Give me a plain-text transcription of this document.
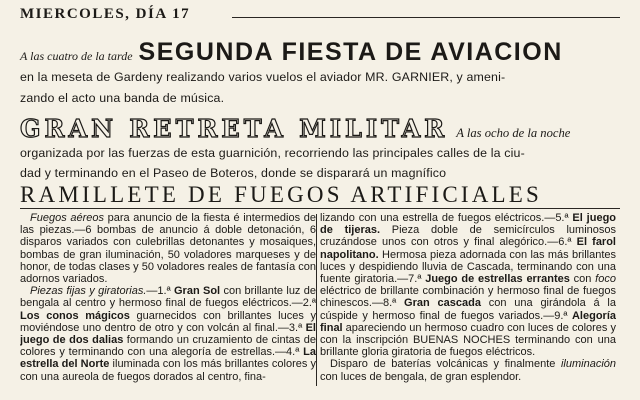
MIERCOLES, DÍA 17
A las cuatro de la tarde SEGUNDA FIESTA DE AVIACION
en la meseta de Gardeny realizando varios vuelos el aviador MR. GARNIER, y ameni-
zando el acto una banda de música.
GRAN RETRETA MILITAR A las ocho de la noche
organizada por las fuerzas de esta guarnición, recorriendo las principales calles de la ciu-
dad y terminando en el Paseo de Boteros, donde se disparará un magnífico
RAMILLETE DE FUEGOS ARTIFICIALES

Fuegos aéreos para anuncio de la fiesta é intermedios de las piezas.—6 bombas de anuncio á doble detonación, 6 disparos variados con culebrillas detonantes y mosaiques, bombas de gran iluminación, 50 voladores marqueses y de honor, de todas clases y 50 voladores reales de fantasía con adornos variados.

Piezas fijas y giratorias.—1.ª Gran Sol con brillante luz de bengala al centro y hermoso final de fuegos eléctricos.—2.ª Los conos mágicos guarnecidos con brillantes luces y moviéndose uno dentro de otro y con volcán al final.—3.ª El juego de dos dalias formando un cruzamiento de cintas de colores y terminando con una alegoría de estrellas.—4.ª La estrella del Norte iluminada con los más brillantes colores y con una aureola de fuegos dorados al centro, fina-

lizando con una estrella de fuegos eléctricos.—5.ª El juego de tijeras. Pieza doble de semicírculos luminosos cruzándose unos con otros y final alegórico.—6.ª El farol napolitano. Hermosa pieza adornada con las más brillantes luces y despidiendo lluvia de Cascada, terminando con una fuente giratoria.—7.ª Juego de estrellas errantes con foco eléctrico de brillante combinación y hermoso final de fuegos chinescos.—8.ª Gran cascada con una girándola á la cúspide y hermoso final de fuegos variados.—9.ª Alegoría final apareciendo un hermoso cuadro con luces de colores y con la inscripción BUENAS NOCHES terminando con una brillante gloria giratoria de fuegos eléctricos.

Disparo de baterías volcánicas y finalmente iluminación con luces de bengala, de gran esplendor.
